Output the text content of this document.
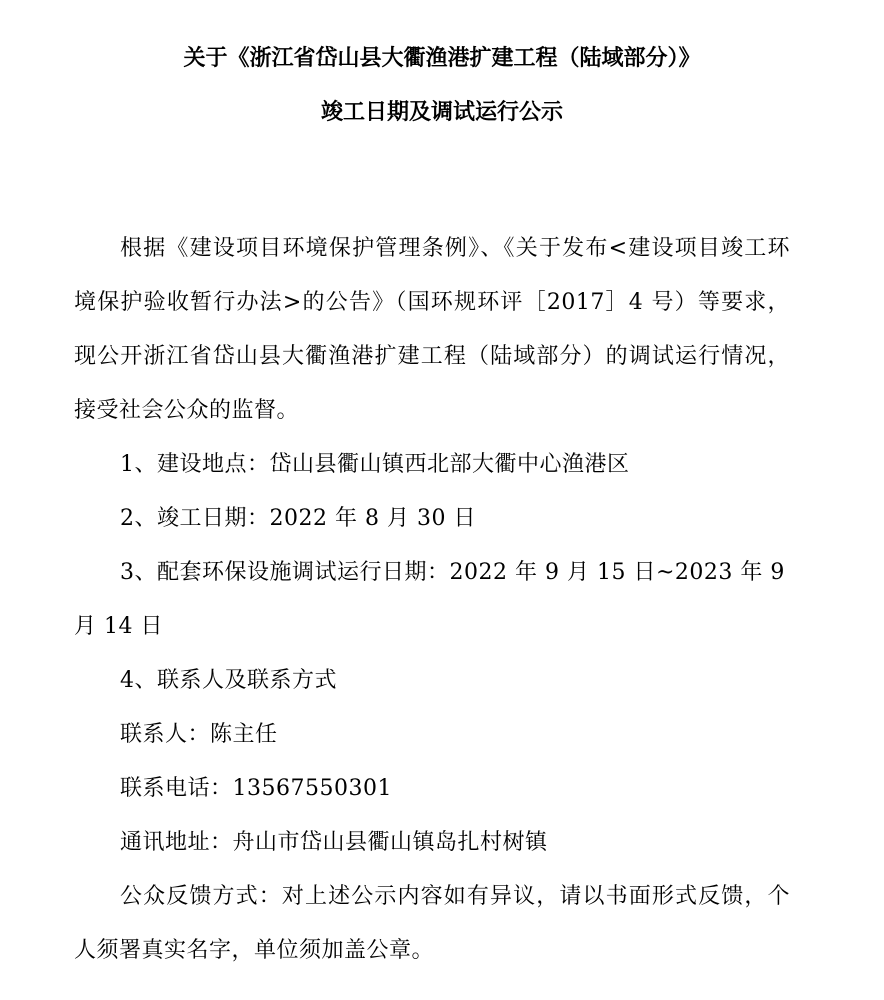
关于《浙江省岱山县大衢渔港扩建工程（陆域部分）》
竣工日期及调试运行公示
根据《建设项目环境保护管理条例》、《关于发布<建设项目竣工环境保护验收暂行办法>的公告》（国环规环评［2017］4 号）等要求，现公开浙江省岱山县大衢渔港扩建工程（陆域部分）的调试运行情况，接受社会公众的监督。
1、建设地点：岱山县衢山镇西北部大衢中心渔港区
2、竣工日期：2022 年 8 月 30 日
3、配套环保设施调试运行日期：2022 年 9 月 15 日~2023 年 9 月 14 日
4、联系人及联系方式
联系人：陈主任
联系电话：13567550301
通讯地址：舟山市岱山县衢山镇岛扎村树镇
公众反馈方式：对上述公示内容如有异议，请以书面形式反馈，个人须署真实名字，单位须加盖公章。
